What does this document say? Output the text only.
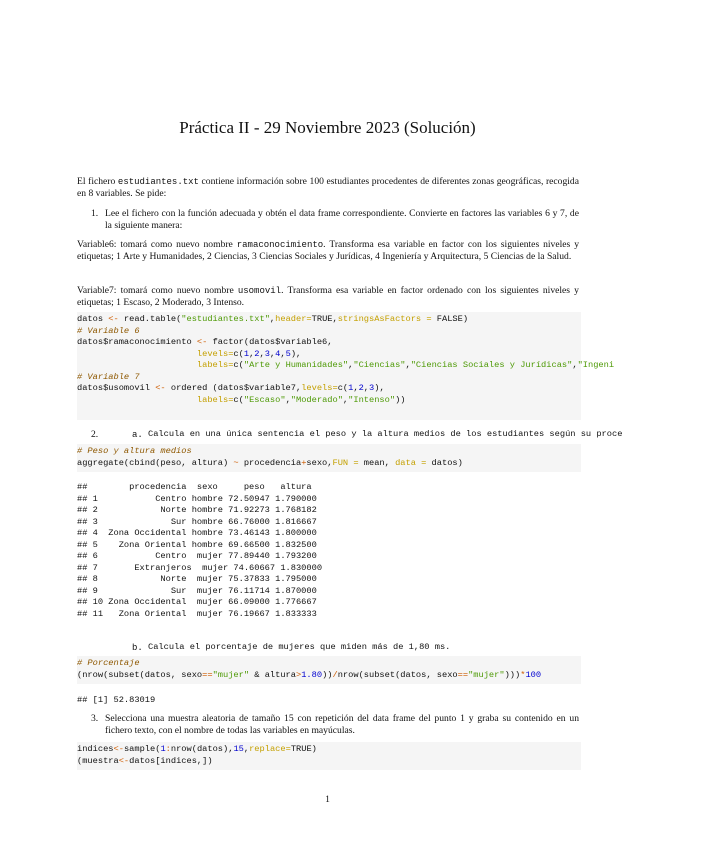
Práctica II - 29 Noviembre 2023 (Solución)
El fichero estudiantes.txt contiene información sobre 100 estudiantes procedentes de diferentes zonas geográficas, recogida en 8 variables. Se pide:
1. Lee el fichero con la función adecuada y obtén el data frame correspondiente. Convierte en factores las variables 6 y 7, de la siguiente manera:
Variable6: tomará como nuevo nombre ramaconocimiento. Transforma esa variable en factor con los siguientes niveles y etiquetas; 1 Arte y Humanidades, 2 Ciencias, 3 Ciencias Sociales y Jurídicas, 4 Ingeniería y Arquitectura, 5 Ciencias de la Salud.
Variable7: tomará como nuevo nombre usomovil. Transforma esa variable en factor ordenado con los siguientes niveles y etiquetas; 1 Escaso, 2 Moderado, 3 Intenso.
datos <- read.table("estudiantes.txt",header=TRUE,stringsAsFactors = FALSE)
# Variable 6
datos$ramaconocimiento <- factor(datos$variable6,
levels=c(1,2,3,4,5),
labels=c("Arte y Humanidades","Ciencias","Ciencias Sociales y Jurídicas","Ingeni
# Variable 7
datos$usomovil <- ordered (datos$variable7,levels=c(1,2,3),
labels=c("Escaso","Moderado","Intenso"))
2.	a. Calcula en una única sentencia el peso y la altura medios de los estudiantes según su proce
# Peso y altura medios
aggregate(cbind(peso, altura) ~ procedencia+sexo,FUN = mean, data = datos)
##        procedencia  sexo     peso   altura
## 1           Centro hombre 72.50947 1.790000
## 2            Norte hombre 71.92273 1.768182
## 3              Sur hombre 66.76000 1.816667
## 4  Zona Occidental hombre 73.46143 1.800000
## 5    Zona Oriental hombre 69.66500 1.832500
## 6           Centro  mujer 77.89440 1.793200
## 7       Extranjeros  mujer 74.60667 1.830000
## 8            Norte  mujer 75.37833 1.795000
## 9              Sur  mujer 76.11714 1.870000
## 10 Zona Occidental  mujer 66.09000 1.776667
## 11   Zona Oriental  mujer 76.19667 1.833333
b. Calcula el porcentaje de mujeres que miden más de 1,80 ms.
# Porcentaje
(nrow(subset(datos, sexo=="mujer" & altura>1.80))/nrow(subset(datos, sexo=="mujer")))*100
## [1] 52.83019
3. Selecciona una muestra aleatoria de tamaño 15 con repetición del data frame del punto 1 y graba su contenido en un fichero texto, con el nombre de todas las variables en mayúculas.
indices<-sample(1:nrow(datos),15,replace=TRUE)
(muestra<-datos[indices,])
1
